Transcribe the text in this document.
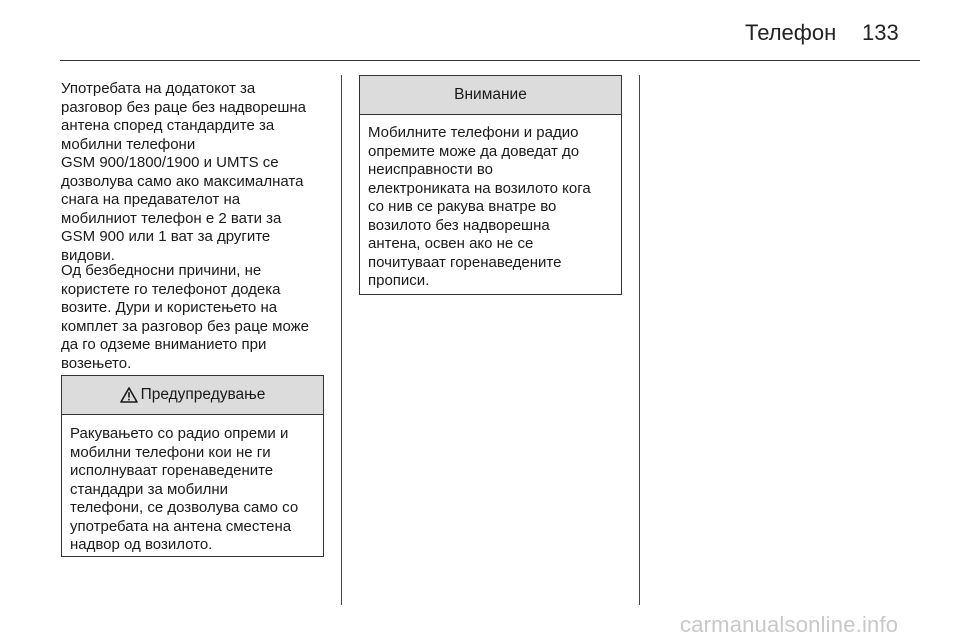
Телефон 133

Употребата на додатокот за
разговор без раце без надворешна
антена според стандардите за
мобилни телефони
GSM 900/1800/1900 и UMTS се
дозволува само ако максималната
снага на предавателот на
мобилниот телефон е 2 вати за
GSM 900 или 1 ват за другите
видови.

Од безбедносни причини, не
користете го телефонот додека
возите. Дури и користењето на
комплет за разговор без раце може
да го одземе вниманието при
возењето.

Предупредување
Ракувањето со радио опреми и
мобилни телефони кои не ги
исполнуваат горенаведените
стандадри за мобилни
телефони, се дозволува само со
употребата на антена сместена
надвор од возилото.
Внимание
Мобилните телефони и радио
опремите може да доведат до
неисправности во
електрониката на возилото кога
со нив се ракува внатре во
возилото без надворешна
антена, освен ако не се
почитуваат горенаведените
прописи.
carmanualsonline.info
